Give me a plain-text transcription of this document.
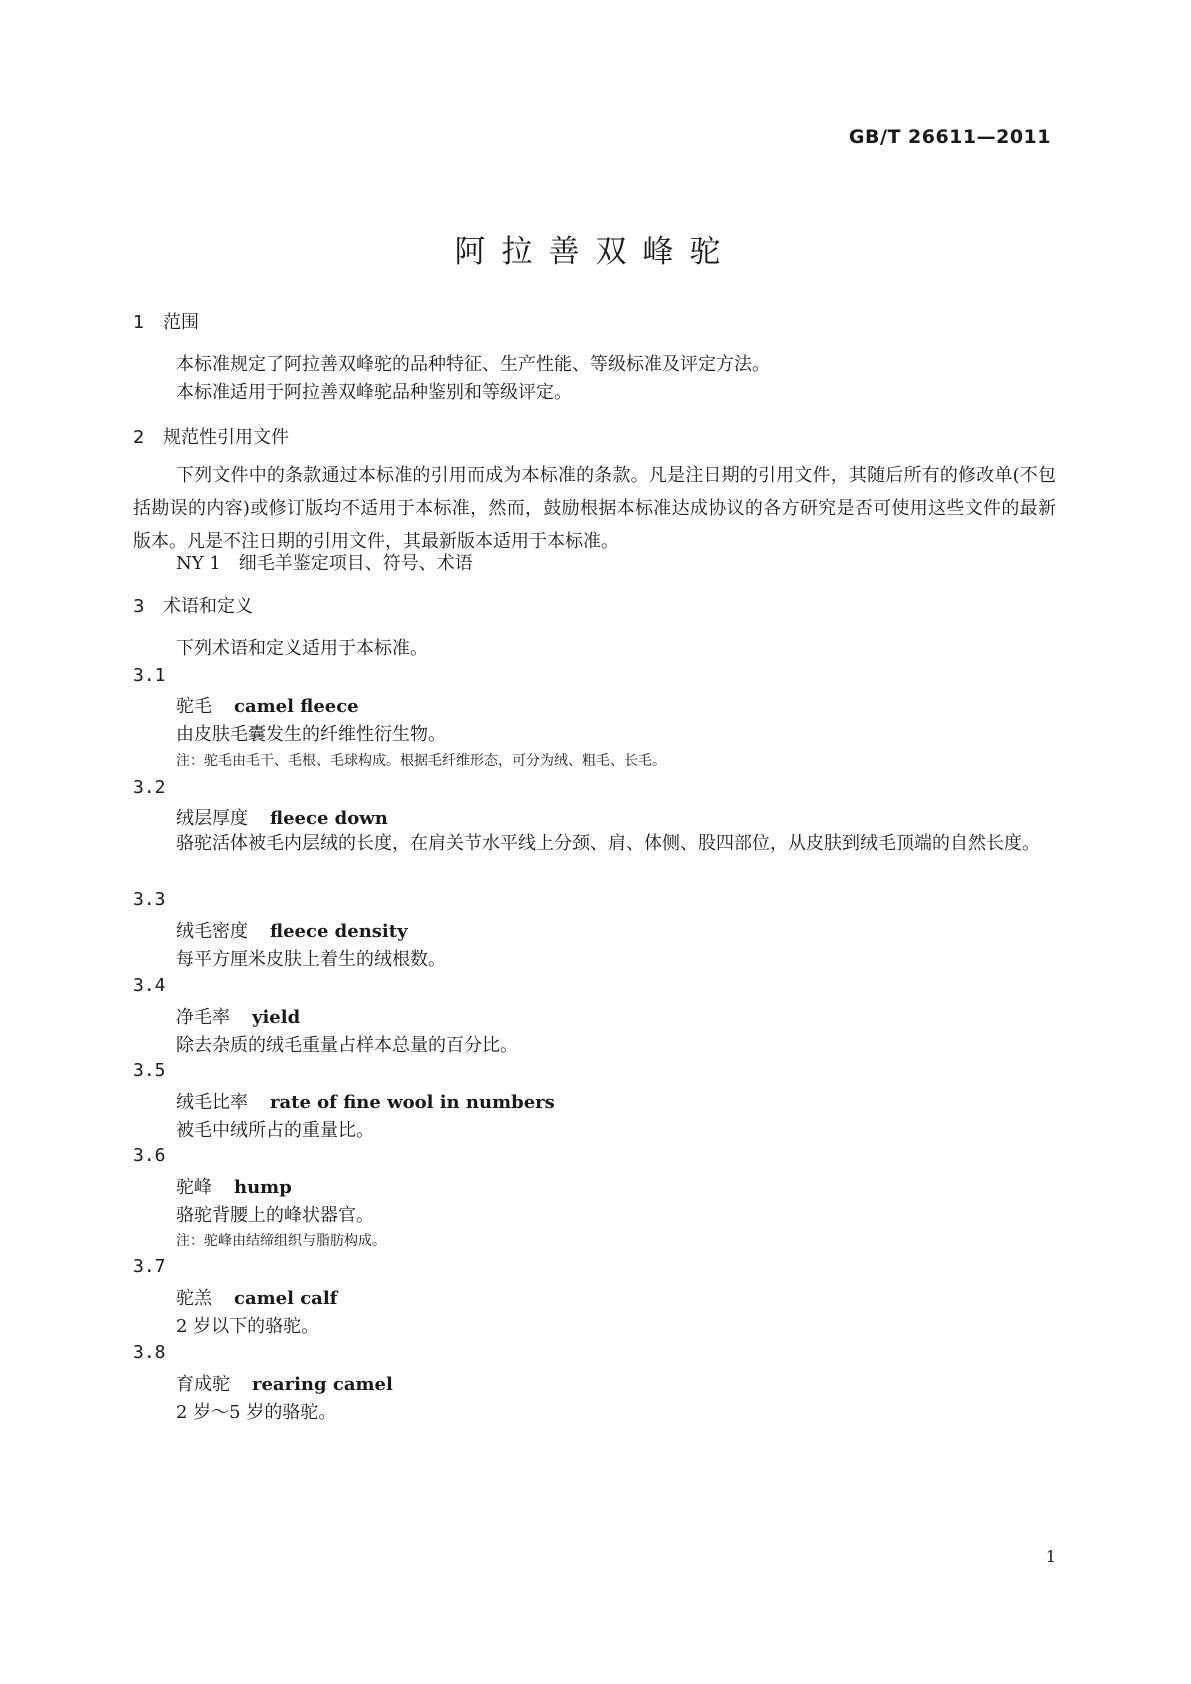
GB/T 26611—2011
阿拉善双峰驼
1 范围
本标准规定了阿拉善双峰驼的品种特征、生产性能、等级标准及评定方法。
本标准适用于阿拉善双峰驼品种鉴别和等级评定。
2 规范性引用文件
下列文件中的条款通过本标准的引用而成为本标准的条款。凡是注日期的引用文件，其随后所有的修改单(不包括勘误的内容)或修订版均不适用于本标准，然而，鼓励根据本标准达成协议的各方研究是否可使用这些文件的最新版本。凡是不注日期的引用文件，其最新版本适用于本标准。
NY 1　细毛羊鉴定项目、符号、术语
3 术语和定义
下列术语和定义适用于本标准。
3.1
驼毛 camel fleece
由皮肤毛囊发生的纤维性衍生物。
注：驼毛由毛干、毛根、毛球构成。根据毛纤维形态，可分为绒、粗毛、长毛。
3.2
绒层厚度 fleece down
骆驼活体被毛内层绒的长度，在肩关节水平线上分颈、肩、体侧、股四部位，从皮肤到绒毛顶端的自然长度。
3.3
绒毛密度 fleece density
每平方厘米皮肤上着生的绒根数。
3.4
净毛率 yield
除去杂质的绒毛重量占样本总量的百分比。
3.5
绒毛比率 rate of fine wool in numbers
被毛中绒所占的重量比。
3.6
驼峰 hump
骆驼背腰上的峰状器官。
注：驼峰由结缔组织与脂肪构成。
3.7
驼羔 camel calf
2 岁以下的骆驼。
3.8
育成驼 rearing camel
2 岁～5 岁的骆驼。
1
